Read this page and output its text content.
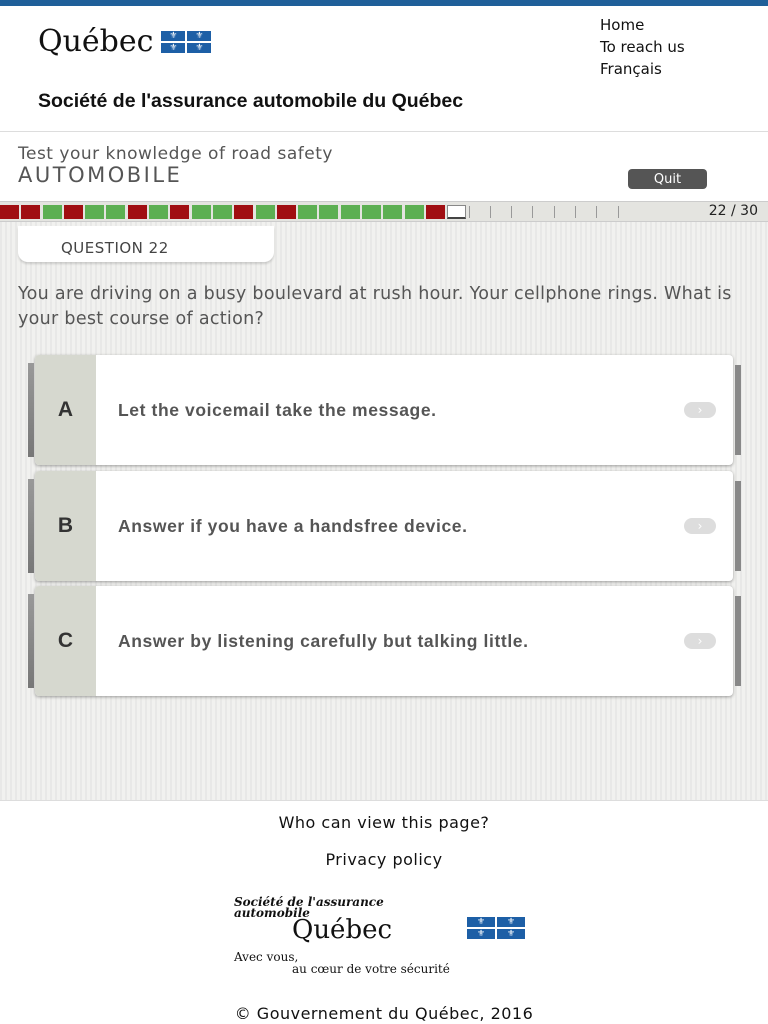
Québec	⚜	⚜
⚜	⚜
Home
To reach us
Français
Société de l'assurance automobile du Québec
Test your knowledge of road safety
AUTOMOBILE	Quit
22 / 30
QUESTION 22
You are driving on a busy boulevard at rush hour. Your cellphone rings. What is your best course of action?
A	Let the voicemail take the message.	›
B	Answer if you have a handsfree device.	›
C	Answer by listening carefully but talking little.	›
Who can view this page?
Privacy policy
Société de l'assurance
automobile
Québec	⚜	⚜
⚜	⚜
Avec vous,
au cœur de votre sécurité
© Gouvernement du Québec, 2016
